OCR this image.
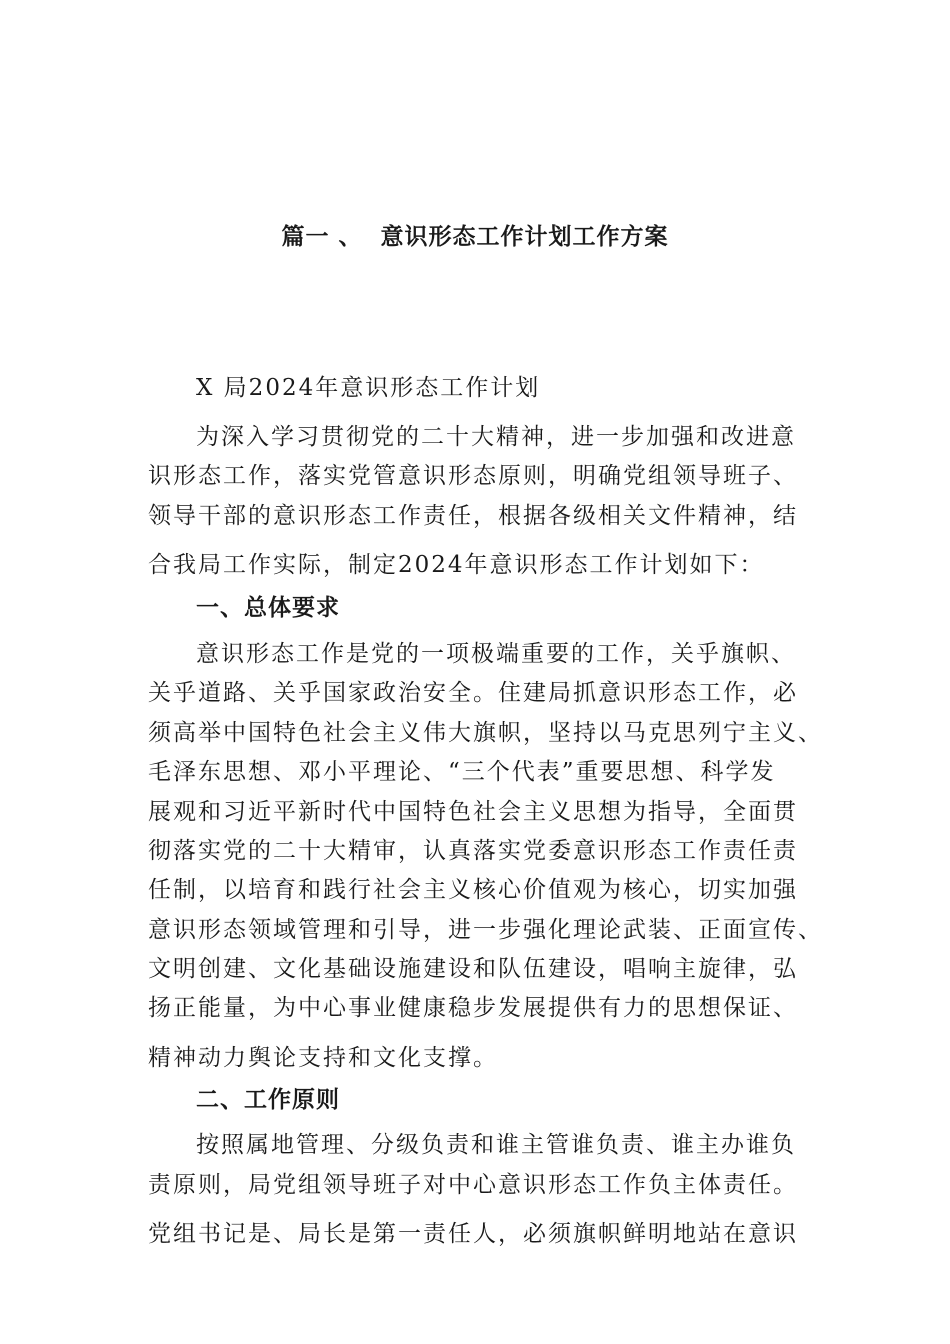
篇一 、  意识形态工作计划工作方案
X 局2024年意识形态工作计划
为深入学习贯彻党的二十大精神，进一步加强和改进意
识形态工作，落实党管意识形态原则，明确党组领导班子、
领导干部的意识形态工作责任，根据各级相关文件精神，结
合我局工作实际，制定2024年意识形态工作计划如下：
一、总体要求
意识形态工作是党的一项极端重要的工作，关乎旗帜、
关乎道路、关乎国家政治安全。住建局抓意识形态工作，必
须高举中国特色社会主义伟大旗帜，坚持以马克思列宁主义、
毛泽东思想、邓小平理论、“三个代表”重要思想、科学发
展观和习近平新时代中国特色社会主义思想为指导，全面贯
彻落实党的二十大精审，认真落实党委意识形态工作责任责
任制，以培育和践行社会主义核心价值观为核心，切实加强
意识形态领域管理和引导，进一步强化理论武装、正面宣传、
文明创建、文化基础设施建设和队伍建设，唱响主旋律，弘
扬正能量，为中心事业健康稳步发展提供有力的思想保证、
精神动力舆论支持和文化支撑。
二、工作原则
按照属地管理、分级负责和谁主管谁负责、谁主办谁负
责原则，局党组领导班子对中心意识形态工作负主体责任。
党组书记是、局长是第一责任人，必须旗帜鲜明地站在意识
